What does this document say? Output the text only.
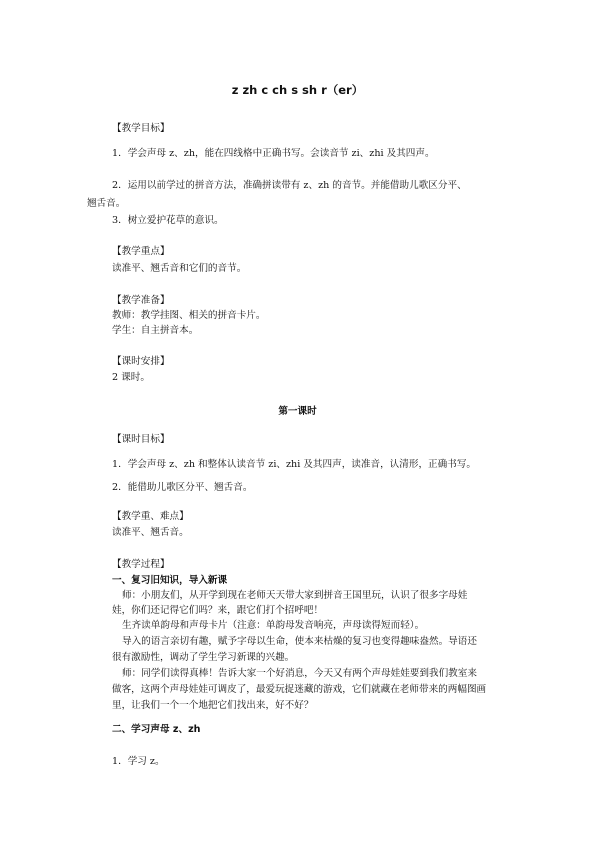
z zh c ch s sh r（er）
【教学目标】
1．学会声母 z、zh，能在四线格中正确书写。会读音节 zi、zhi 及其四声。
2．运用以前学过的拼音方法，准确拼读带有 z、zh 的音节。并能借助儿歌区分平、
翘舌音。
3．树立爱护花草的意识。
【教学重点】
读准平、翘舌音和它们的音节。
【教学准备】
教师：教学挂图、相关的拼音卡片。
学生：自主拼音本。
【课时安排】
2 课时。
第一课时
【课时目标】
1．学会声母 z、zh 和整体认读音节 zi、zhi 及其四声，读准音，认清形，正确书写。
2．能借助儿歌区分平、翘舌音。
【教学重、难点】
读准平、翘舌音。
【教学过程】
一、复习旧知识，导入新课
师：小朋友们，从开学到现在老师天天带大家到拼音王国里玩，认识了很多字母娃
娃，你们还记得它们吗？来，跟它们打个招呼吧！
生齐读单韵母和声母卡片（注意：单韵母发音响亮，声母读得短而轻）。
导入的语言亲切有趣，赋予字母以生命，使本来枯燥的复习也变得趣味盎然。导语还
很有激励性，调动了学生学习新课的兴趣。
师：同学们读得真棒！告诉大家一个好消息，今天又有两个声母娃娃要到我们教室来
做客，这两个声母娃娃可调皮了，最爱玩捉迷藏的游戏，它们就藏在老师带来的两幅图画
里，让我们一个一个地把它们找出来，好不好？
二、学习声母 z、zh
1．学习 z。
